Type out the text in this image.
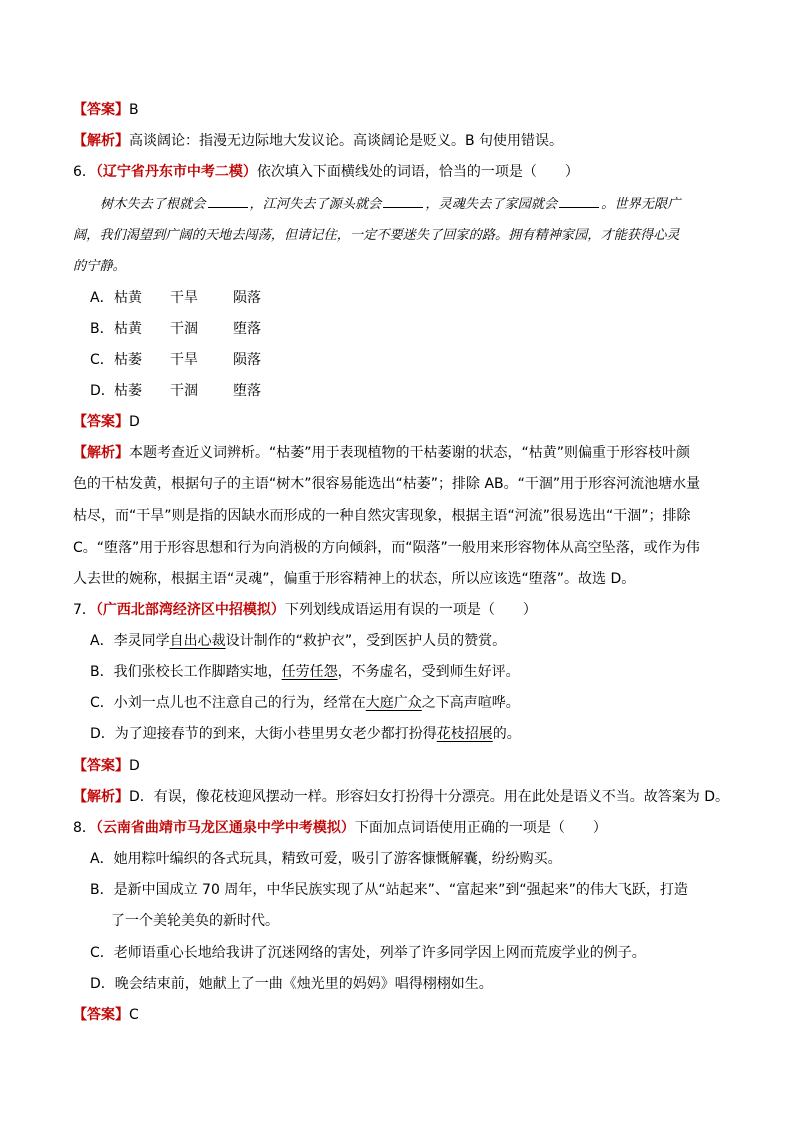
【答案】B
【解析】高谈阔论：指漫无边际地大发议论。高谈阔论是贬义。B 句使用错误。
6．（辽宁省丹东市中考二模）依次填入下面横线处的词语，恰当的一项是（　　）
树木失去了根就会	，江河失去了源头就会	，灵魂失去了家园就会	。世界无限广
阔，我们渴望到广阔的天地去闯荡，但请记住，一定不要迷失了回家的路。拥有精神家园，才能获得心灵
的宁静。
A．枯黄 干旱	陨落
B．枯黄 干涸	堕落
C．枯萎 干旱	陨落
D．枯萎 干涸	堕落
【答案】D
【解析】本题考查近义词辨析。“枯萎”用于表现植物的干枯萎谢的状态，“枯黄”则偏重于形容枝叶颜
色的干枯发黄，根据句子的主语“树木”很容易能选出“枯萎”；排除 AB。“干涸”用于形容河流池塘水量
枯尽，而“干旱”则是指的因缺水而形成的一种自然灾害现象，根据主语“河流”很易选出“干涸”；排除
C。“堕落”用于形容思想和行为向消极的方向倾斜，而“陨落”一般用来形容物体从高空坠落，或作为伟
人去世的婉称，根据主语“灵魂”，偏重于形容精神上的状态，所以应该选“堕落”。故选 D。
7．（广西北部湾经济区中招模拟）下列划线成语运用有误的一项是（　　）
A．李灵同学自出心裁设计制作的“救护衣”，受到医护人员的赞赏。
B．我们张校长工作脚踏实地，任劳任怨，不务虚名，受到师生好评。
C．小刘一点儿也不注意自己的行为，经常在大庭广众之下高声喧哗。
D．为了迎接春节的到来，大街小巷里男女老少都打扮得花枝招展的。
【答案】D
【解析】D．有误，像花枝迎风摆动一样。形容妇女打扮得十分漂亮。用在此处是语义不当。故答案为 D。
8．（云南省曲靖市马龙区通泉中学中考模拟）下面加点词语使用正确的一项是（　　）
A．她用粽叶编织的各式玩具，精致可爱，吸引了游客慷慨解囊，纷纷购买。
B．是新中国成立 70 周年，中华民族实现了从“站起来”、“富起来”到“强起来”的伟大飞跃，打造
了一个美轮美奂的新时代。
C．老师语重心长地给我讲了沉迷网络的害处，列举了许多同学因上网而荒废学业的例子。
D．晚会结束前，她献上了一曲《烛光里的妈妈》唱得栩栩如生。
【答案】C
